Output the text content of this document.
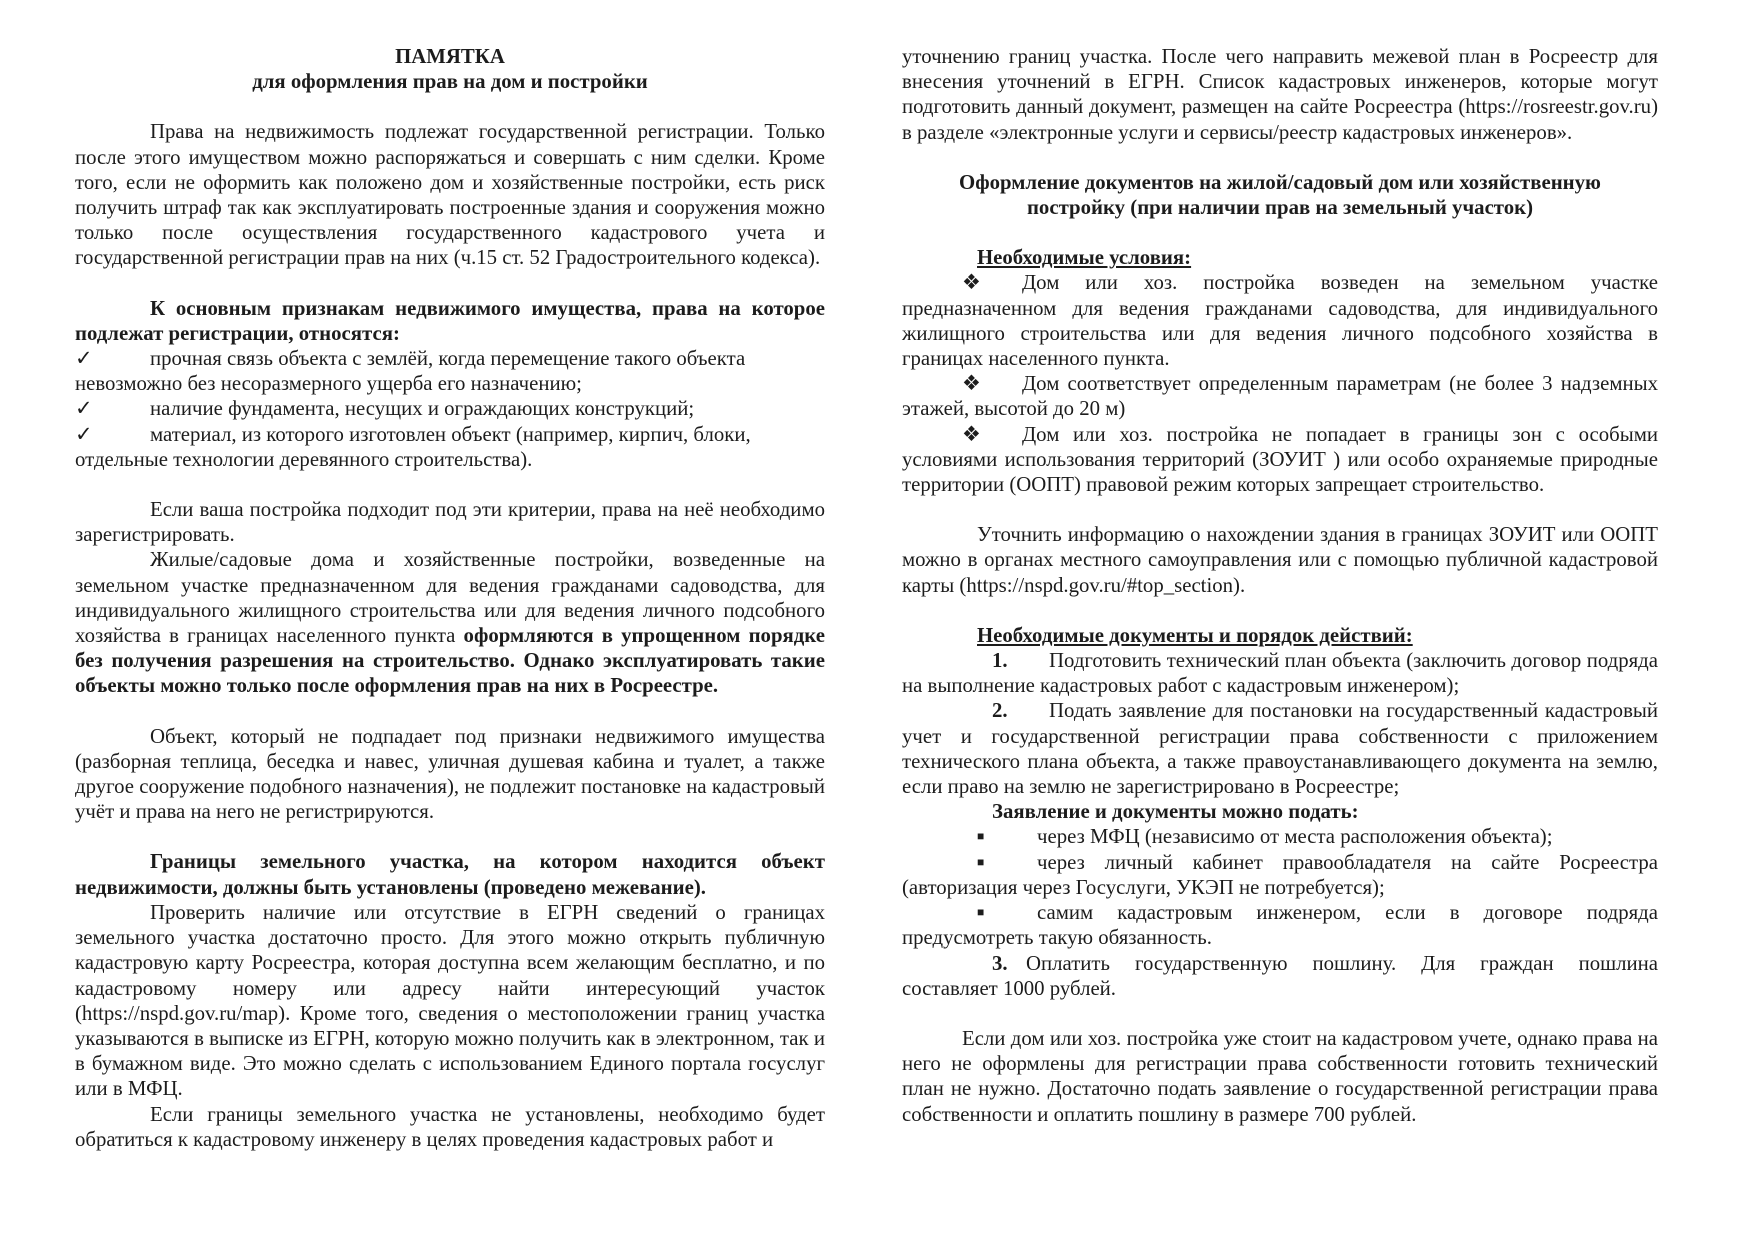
ПАМЯТКА
для оформления прав на дом и постройки

Права на недвижимость подлежат государственной регистрации. Только после этого имуществом можно распоряжаться и совершать с ним сделки. Кроме того, если не оформить как положено дом и хозяйственные постройки, есть риск получить штраф так как эксплуатировать построенные здания и сооружения можно только после осуществления государственного кадастрового учета и государственной регистрации прав на них (ч.15 ст. 52 Градостроительного кодекса).

К основным признакам недвижимого имущества, права на которое подлежат регистрации, относятся:

✓	прочная связь объекта с землёй, когда перемещение такого объекта

невозможно без несоразмерного ущерба его назначению;

✓	наличие фундамента, несущих и ограждающих конструкций;
✓	материал, из которого изготовлен объект (например, кирпич, блоки,

отдельные технологии деревянного строительства).

Если ваша постройка подходит под эти критерии, права на неё необходимо зарегистрировать.

Жилые/садовые дома и хозяйственные постройки, возведенные на земельном участке предназначенном для ведения гражданами садоводства, для индивидуального жилищного строительства или для ведения личного подсобного хозяйства в границах населенного пункта оформляются в упрощенном порядке без получения разрешения на строительство. Однако эксплуатировать такие объекты можно только после оформления прав на них в Росреестре.

Объект, который не подпадает под признаки недвижимого имущества (разборная теплица, беседка и навес, уличная душевая кабина и туалет, а также другое сооружение подобного назначения), не подлежит постановке на кадастровый учёт и права на него не регистрируются.

Границы земельного участка, на котором находится объект недвижимости, должны быть установлены (проведено межевание).

Проверить наличие или отсутствие в ЕГРН сведений о границах земельного участка достаточно просто. Для этого можно открыть публичную кадастровую карту Росреестра, которая доступна всем желающим бесплатно, и по кадастровому номеру или адресу найти интересующий участок (https://nspd.gov.ru/map). Кроме того, сведения о местоположении границ участка указываются в выписке из ЕГРН, которую можно получить как в электронном, так и в бумажном виде. Это можно сделать с использованием Единого портала госуслуг или в МФЦ.

Если границы земельного участка не установлены, необходимо будет обратиться к кадастровому инженеру в целях проведения кадастровых работ и

уточнению границ участка. После чего направить межевой план в Росреестр для внесения уточнений в ЕГРН. Список кадастровых инженеров, которые могут подготовить данный документ, размещен на сайте Росреестра (https://rosreestr.gov.ru) в разделе «электронные услуги и сервисы/реестр кадастровых инженеров».

Оформление документов на жилой/садовый дом или хозяйственную
постройку (при наличии прав на земельный участок)

Необходимые условия:

❖ Дом или хоз. постройка возведен на земельном участке предназначенном для ведения гражданами садоводства, для индивидуального жилищного строительства или для ведения личного подсобного хозяйства в границах населенного пункта.

❖ Дом соответствует определенным параметрам (не более 3 надземных этажей, высотой до 20 м)

❖ Дом или хоз. постройка не попадает в границы зон с особыми условиями использования территорий (ЗОУИТ ) или особо охраняемые природные территории (ООПТ) правовой режим которых запрещает строительство.

Уточнить информацию о нахождении здания в границах ЗОУИТ или ООПТ можно в органах местного самоуправления или с помощью публичной кадастровой карты (https://nspd.gov.ru/#top_section).

Необходимые документы и порядок действий:

1. Подготовить технический план объекта (заключить договор подряда на выполнение кадастровых работ с кадастровым инженером);

2. Подать заявление для постановки на государственный кадастровый учет и государственной регистрации права собственности с приложением технического плана объекта, а также правоустанавливающего документа на землю, если право на землю не зарегистрировано в Росреестре;

Заявление и документы можно подать:

■	через МФЦ (независимо от места расположения объекта);

■	через личный кабинет правообладателя на сайте Росреестра (авторизация через Госуслуги, УКЭП не потребуется);

■	самим кадастровым инженером, если в договоре подряда предусмотреть такую обязанность.

3. Оплатить государственную пошлину. Для граждан пошлина составляет 1000 рублей.

Если дом или хоз. постройка уже стоит на кадастровом учете, однако права на него не оформлены для регистрации права собственности готовить технический план не нужно. Достаточно подать заявление о государственной регистрации права собственности и оплатить пошлину в размере 700 рублей.
